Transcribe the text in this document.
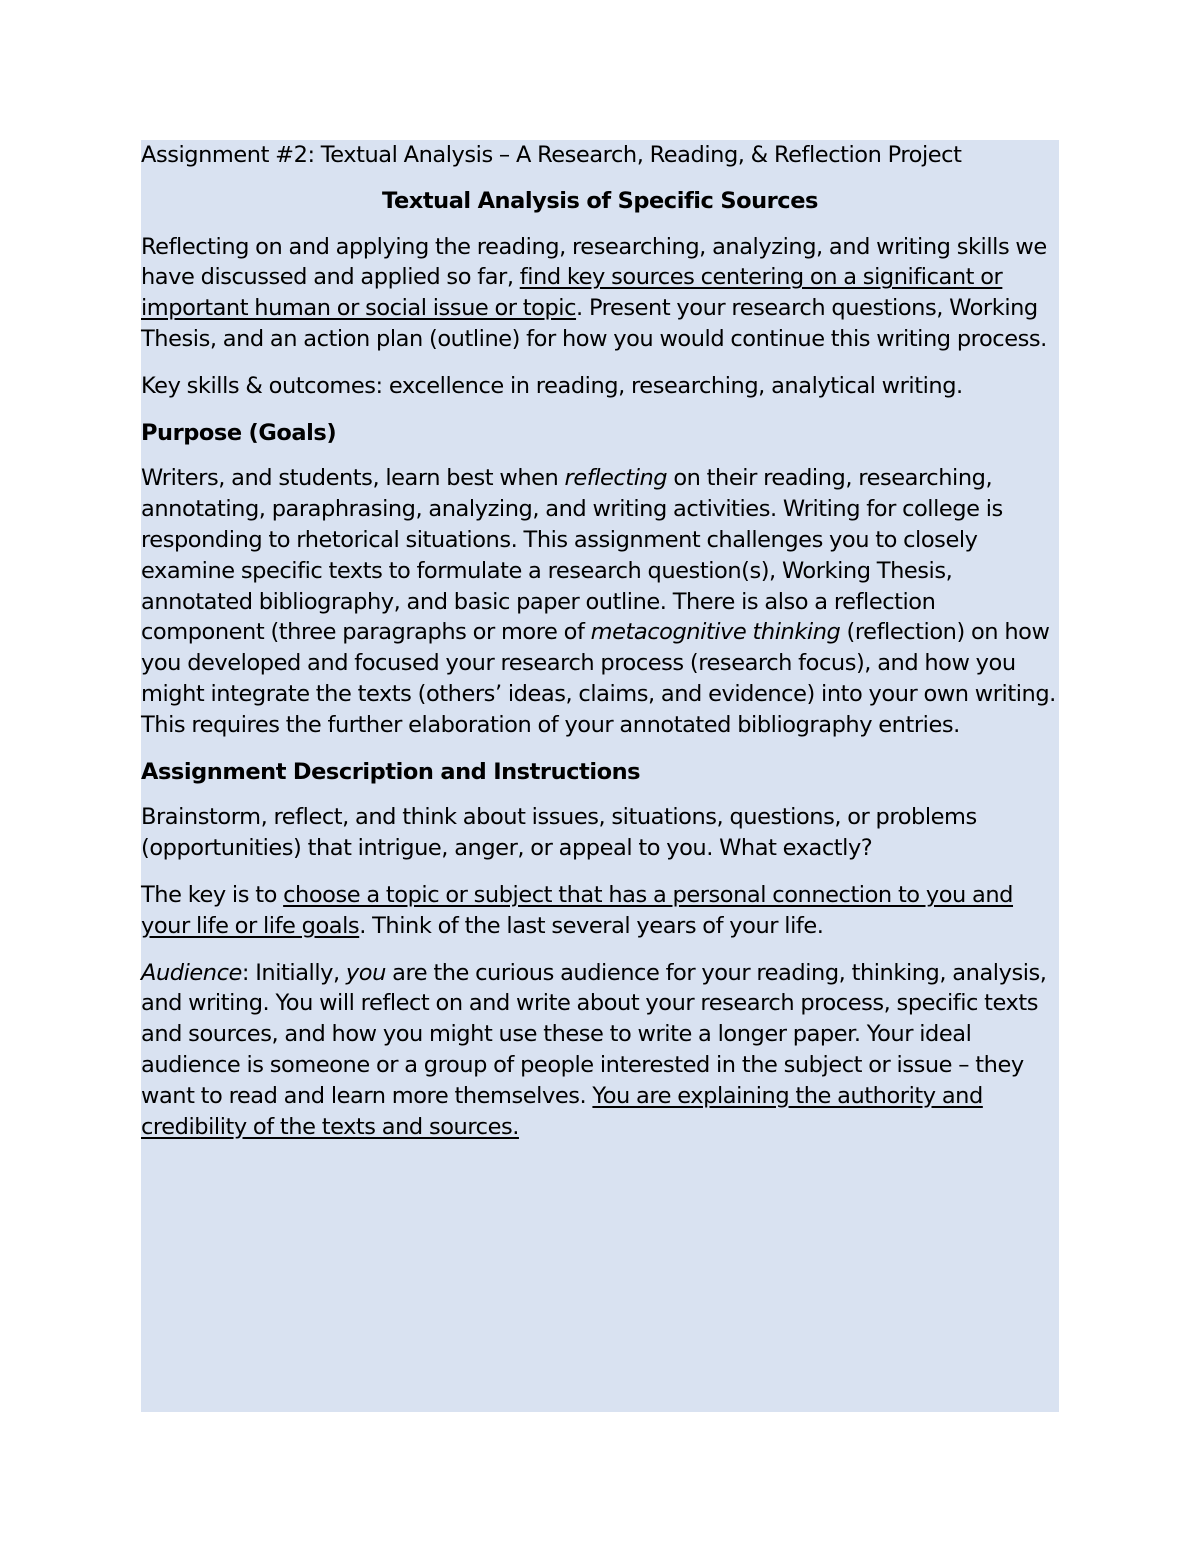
Assignment #2: Textual Analysis – A Research, Reading, & Reflection Project

Textual Analysis of Specific Sources

Reflecting on and applying the reading, researching, analyzing, and writing skills we have discussed and applied so far, find key sources centering on a significant or important human or social issue or topic. Present your research questions, Working Thesis, and an action plan (outline) for how you would continue this writing process.

Key skills & outcomes: excellence in reading, researching, analytical writing.

Purpose (Goals)

Writers, and students, learn best when reflecting on their reading, researching, annotating, paraphrasing, analyzing, and writing activities. Writing for college is responding to rhetorical situations. This assignment challenges you to closely examine specific texts to formulate a research question(s), Working Thesis, annotated bibliography, and basic paper outline. There is also a reflection component (three paragraphs or more of metacognitive thinking (reflection) on how you developed and focused your research process (research focus), and how you might integrate the texts (others’ ideas, claims, and evidence) into your own writing. This requires the further elaboration of your annotated bibliography entries.

Assignment Description and Instructions

Brainstorm, reflect, and think about issues, situations, questions, or problems (opportunities) that intrigue, anger, or appeal to you. What exactly?

The key is to choose a topic or subject that has a personal connection to you and your life or life goals. Think of the last several years of your life.

Audience: Initially, you are the curious audience for your reading, thinking, analysis, and writing. You will reflect on and write about your research process, specific texts and sources, and how you might use these to write a longer paper. Your ideal audience is someone or a group of people interested in the subject or issue – they want to read and learn more themselves. You are explaining the authority and credibility of the texts and sources.
